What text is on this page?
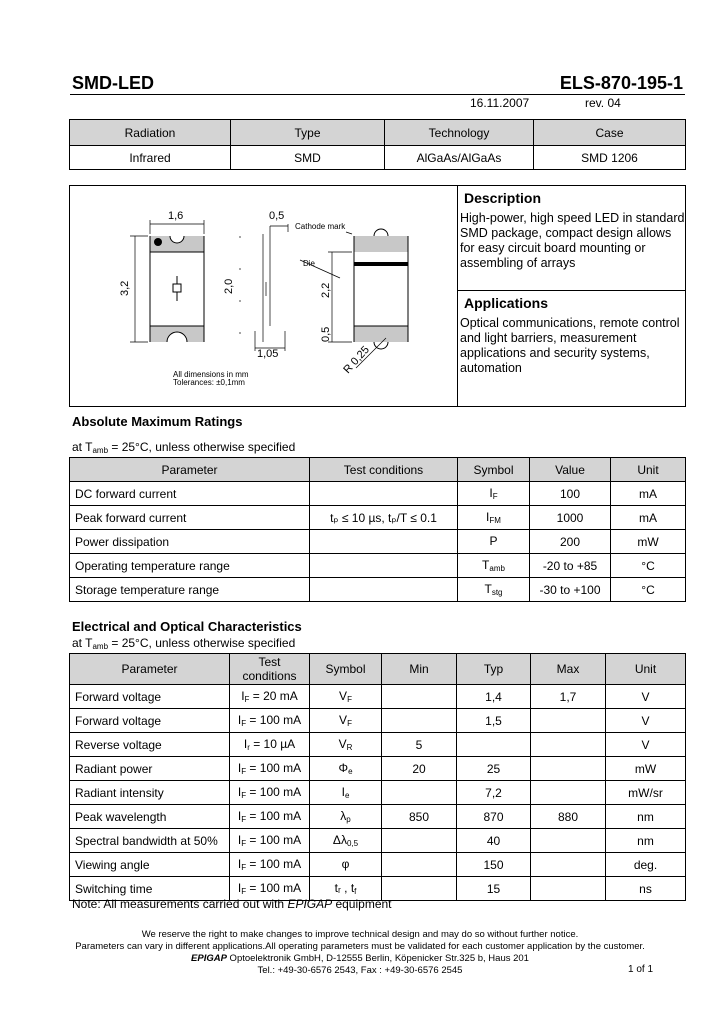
SMD-LED	ELS-870-195-1
16.11.2007	rev. 04
Radiation	Type	Technology	Case
Infrared	SMD	AlGaAs/AlGaAs	SMD 1206
1,6
3,2	2,0
0,5
1,05
2,2
0,5
R 0,25
Cathode mark
Die
All dimensions in mm
Tolerances: ±0,1mm
Description
High-power, high speed LED in standard SMD package, compact design allows for easy circuit board mounting or assembling of arrays
Applications
Optical communications, remote control and light barriers, measurement applications and security systems, automation
Absolute Maximum Ratings
at $T_{amb} = 25^\circ C$, unless otherwise specified
Parameter	Test conditions	Symbol	Value	Unit
DC forward current		$I_F$	100	mA
Peak forward current	tₚ ≤ 10 µs, tₚ/T ≤ 0.1	$I_{FM}$	1000	mA
Power dissipation		P	200	mW
Operating temperature range		$T_{amb}$	-20 to +85	°C
Storage temperature range		$T_{stg}$	-30 to +100	°C
Electrical and Optical Characteristics
at $T_{amb} = 25^\circ C$, unless otherwise specified
Parameter	Test conditions	Symbol	Min	Typ	Max	Unit
Forward voltage	$I_F = 20$ mA	$V_F$		1,4	1,7	V
Forward voltage	$I_F = 100$ mA	$V_F$		1,5		V
Reverse voltage	$I_r = 10$ µA	$V_R$	5			V
Radiant power	$I_F = 100$ mA	$\Phi_e$	20	25		mW
Radiant intensity	$I_F = 100$ mA	$I_e$		7,2		mW/sr
Peak wavelength	$I_F = 100$ mA	$\lambda_p$	850	870	880	nm
Spectral bandwidth at 50%	$I_F = 100$ mA	$\Delta\lambda_{0,5}$		40		nm
Viewing angle	$I_F = 100$ mA	φ		150		deg.
Switching time	$I_F = 100$ mA	tᵣ , $t_f$		15		ns
Note: All measurements carried out with EPIGAP equipment
We reserve the right to make changes to improve technical design and may do so without further notice.
Parameters can vary in different applications.All operating parameters must be validated for each customer application by the customer.
EPIGAP Optoelektronik GmbH, D-12555 Berlin, Köpenicker Str.325 b, Haus 201
Tel.: +49-30-6576 2543, Fax : +49-30-6576 2545	1 of 1
